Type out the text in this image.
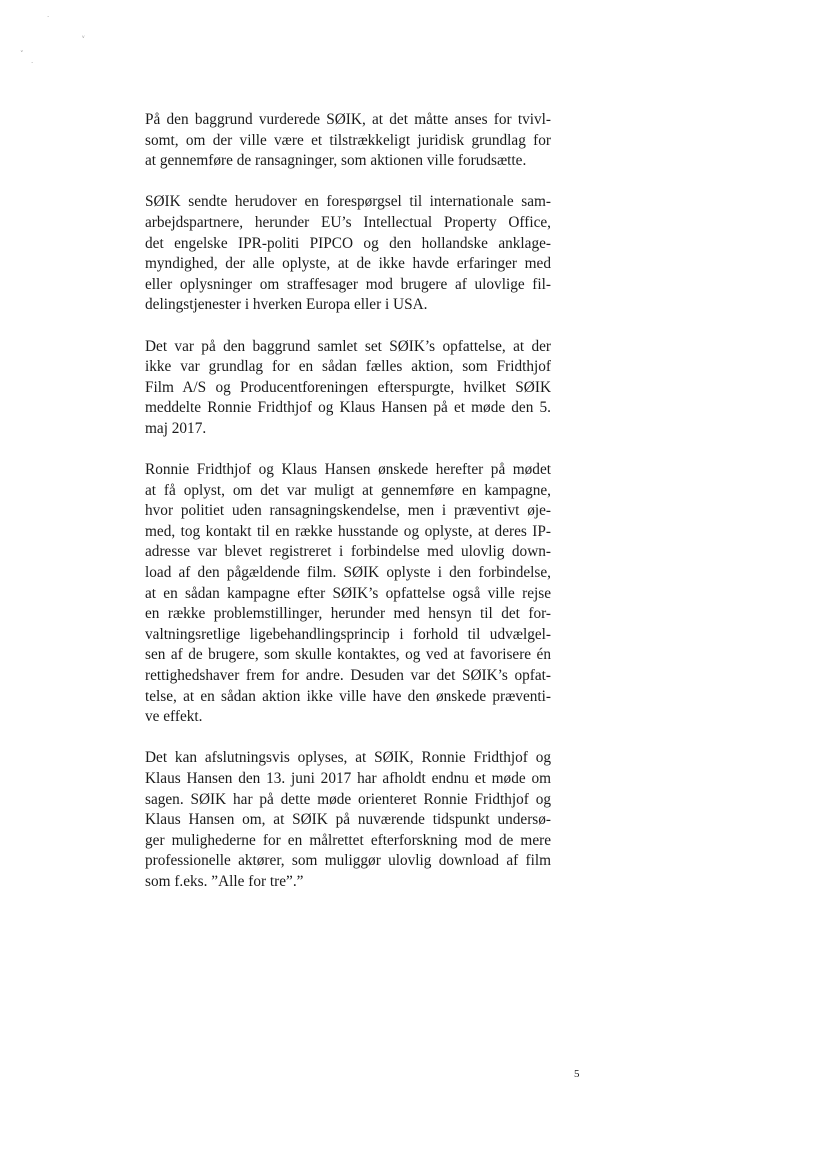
·
ᵥ
ˬ
·

På den baggrund vurderede SØIK, at det måtte anses for tvivl-
somt, om der ville være et tilstrækkeligt juridisk grundlag for
at gennemføre de ransagninger, som aktionen ville forudsætte.

SØIK sendte herudover en forespørgsel til internationale sam-
arbejdspartnere, herunder EU’s Intellectual Property Office,
det engelske IPR-politi PIPCO og den hollandske anklage-
myndighed, der alle oplyste, at de ikke havde erfaringer med
eller oplysninger om straffesager mod brugere af ulovlige fil-
delingstjenester i hverken Europa eller i USA.

Det var på den baggrund samlet set SØIK’s opfattelse, at der
ikke var grundlag for en sådan fælles aktion, som Fridthjof
Film A/S og Producentforeningen efterspurgte, hvilket SØIK
meddelte Ronnie Fridthjof og Klaus Hansen på et møde den 5.
maj 2017.

Ronnie Fridthjof og Klaus Hansen ønskede herefter på mødet
at få oplyst, om det var muligt at gennemføre en kampagne,
hvor politiet uden ransagningskendelse, men i præventivt øje-
med, tog kontakt til en række husstande og oplyste, at deres IP-
adresse var blevet registreret i forbindelse med ulovlig down-
load af den pågældende film. SØIK oplyste i den forbindelse,
at en sådan kampagne efter SØIK’s opfattelse også ville rejse
en række problemstillinger, herunder med hensyn til det for-
valtningsretlige ligebehandlingsprincip i forhold til udvælgel-
sen af de brugere, som skulle kontaktes, og ved at favorisere én
rettighedshaver frem for andre. Desuden var det SØIK’s opfat-
telse, at en sådan aktion ikke ville have den ønskede præventi-
ve effekt.

Det kan afslutningsvis oplyses, at SØIK, Ronnie Fridthjof og
Klaus Hansen den 13. juni 2017 har afholdt endnu et møde om
sagen. SØIK har på dette møde orienteret Ronnie Fridthjof og
Klaus Hansen om, at SØIK på nuværende tidspunkt undersø-
ger mulighederne for en målrettet efterforskning mod de mere
professionelle aktører, som muliggør ulovlig download af film
som f.eks. ”Alle for tre”.”

5
